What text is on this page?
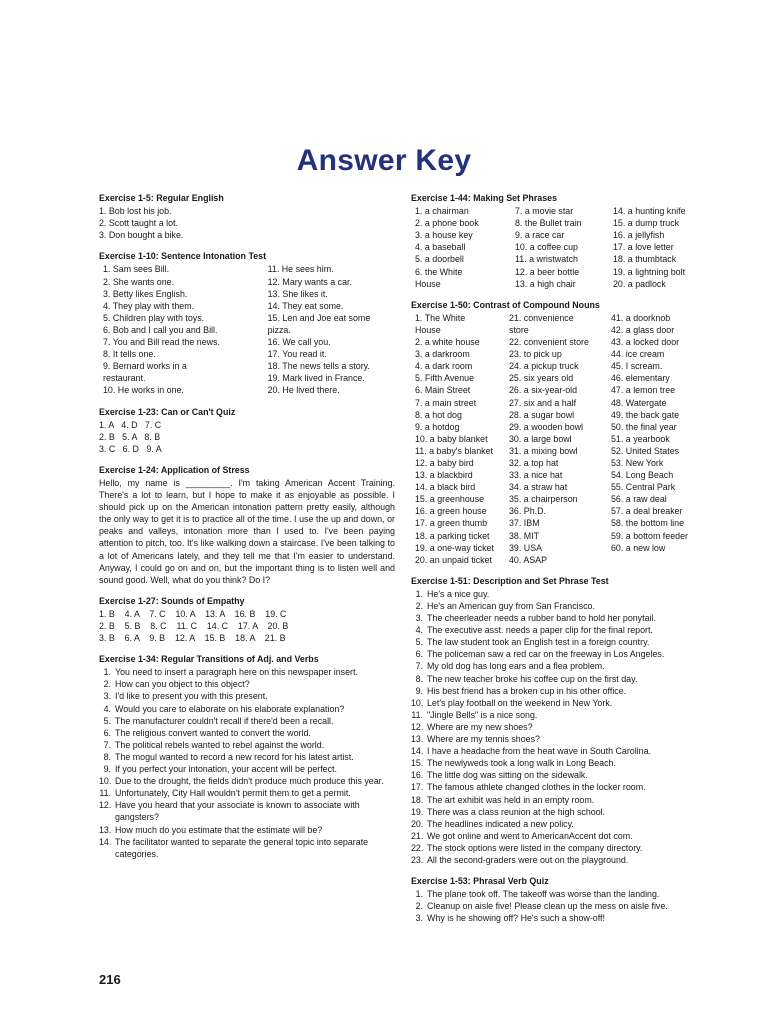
Answer Key
Exercise 1-5: Regular English
1. Bob lost his job.
2. Scott taught a lot.
3. Don bought a bike.
Exercise 1-10: Sentence Intonation Test
1. Sam sees Bill.
2. She wants one.
3. Betty likes English.
4. They play with them.
5. Children play with toys.
6. Bob and I call you and Bill.
7. You and Bill read the news.
8. It tells one.
9. Bernard works in a
restaurant.
10. He works in one.
11. He sees him.
12. Mary wants a car.
13. She likes it.
14. They eat some.
15. Len and Joe eat some
pizza.
16. We call you.
17. You read it.
18. The news tells a story.
19. Mark lived in France.
20. He lived there.
Exercise 1-23: Can or Can't Quiz
1. A   4. D   7. C
2. B   5. A   8. B
3. C   6. D   9. A
Exercise 1-24: Application of Stress
Hello, my name is _________. I'm taking American Accent Training. There's a lot to learn, but I hope to make it as enjoyable as possible. I should pick up on the American intonation pattern pretty easily, although the only way to get it is to practice all of the time. I use the up and down, or peaks and valleys, intonation more than I used to. I've been paying attention to pitch, too. It's like walking down a staircase. I've been talking to a lot of Americans lately, and they tell me that I'm easier to understand. Anyway, I could go on and on, but the important thing is to listen well and sound good. Well, what do you think? Do I?
Exercise 1-27: Sounds of Empathy
1. B    4. A    7. C    10. A    13. A    16. B    19. C
2. B    5. B    8. C    11. C    14. C    17. A    20. B
3. B    6. A    9. B    12. A    15. B    18. A    21. B
Exercise 1-34: Regular Transitions of Adj. and Verbs
1. You need to insert a paragraph here on this newspaper insert.
2. How can you object to this object?
3. I'd like to present you with this present.
4. Would you care to elaborate on his elaborate explanation?
5. The manufacturer couldn't recall if there'd been a recall.
6. The religious convert wanted to convert the world.
7. The political rebels wanted to rebel against the world.
8. The mogul wanted to record a new record for his latest artist.
9. If you perfect your intonation, your accent will be perfect.
10. Due to the drought, the fields didn't produce much produce this year.
11. Unfortunately, City Hall wouldn't permit them to get a permit.
12. Have you heard that your associate is known to associate with gangsters?
13. How much do you estimate that the estimate will be?
14. The facilitator wanted to separate the general topic into separate categories.
Exercise 1-44: Making Set Phrases
1. a chairman
2. a phone book
3. a house key
4. a baseball
5. a doorbell
6. the White
House
7. a movie star
8. the Bullet train
9. a race car
10. a coffee cup
11. a wristwatch
12. a beer bottle
13. a high chair
14. a hunting knife
15. a dump truck
16. a jellyfish
17. a love letter
18. a thumbtack
19. a lightning bolt
20. a padlock
Exercise 1-50: Contrast of Compound Nouns
1. The White
House
2. a white house
3. a darkroom
4. a dark room
5. Fifth Avenue
6. Main Street
7. a main street
8. a hot dog
9. a hotdog
10. a baby blanket
11. a baby's blanket
12. a baby bird
13. a blackbird
14. a black bird
15. a greenhouse
16. a green house
17. a green thumb
18. a parking ticket
19. a one-way ticket
20. an unpaid ticket
21. convenience
store
22. convenient store
23. to pick up
24. a pickup truck
25. six years old
26. a six-year-old
27. six and a half
28. a sugar bowl
29. a wooden bowl
30. a large bowl
31. a mixing bowl
32. a top hat
33. a nice hat
34. a straw hat
35. a chairperson
36. Ph.D.
37. IBM
38. MIT
39. USA
40. ASAP
41. a doorknob
42. a glass door
43. a locked door
44. ice cream
45. I scream.
46. elementary
47. a lemon tree
48. Watergate
49. the back gate
50. the final year
51. a yearbook
52. United States
53. New York
54. Long Beach
55. Central Park
56. a raw deal
57. a deal breaker
58. the bottom line
59. a bottom feeder
60. a new low
Exercise 1-51: Description and Set Phrase Test
1. He's a nice guy.
2. He's an American guy from San Francisco.
3. The cheerleader needs a rubber band to hold her ponytail.
4. The executive asst. needs a paper clip for the final report.
5. The law student took an English test in a foreign country.
6. The policeman saw a red car on the freeway in Los Angeles.
7. My old dog has long ears and a flea problem.
8. The new teacher broke his coffee cup on the first day.
9. His best friend has a broken cup in his other office.
10. Let's play football on the weekend in New York.
11. "Jingle Bells" is a nice song.
12. Where are my new shoes?
13. Where are my tennis shoes?
14. I have a headache from the heat wave in South Carolina.
15. The newlyweds took a long walk in Long Beach.
16. The little dog was sitting on the sidewalk.
17. The famous athlete changed clothes in the locker room.
18. The art exhibit was held in an empty room.
19. There was a class reunion at the high school.
20. The headlines indicated a new policy.
21. We got online and went to AmericanAccent dot com.
22. The stock options were listed in the company directory.
23. All the second-graders were out on the playground.
Exercise 1-53: Phrasal Verb Quiz
1. The plane took off. The takeoff was worse than the landing.
2. Cleanup on aisle five! Please clean up the mess on aisle five.
3. Why is he showing off? He's such a show-off!
216
